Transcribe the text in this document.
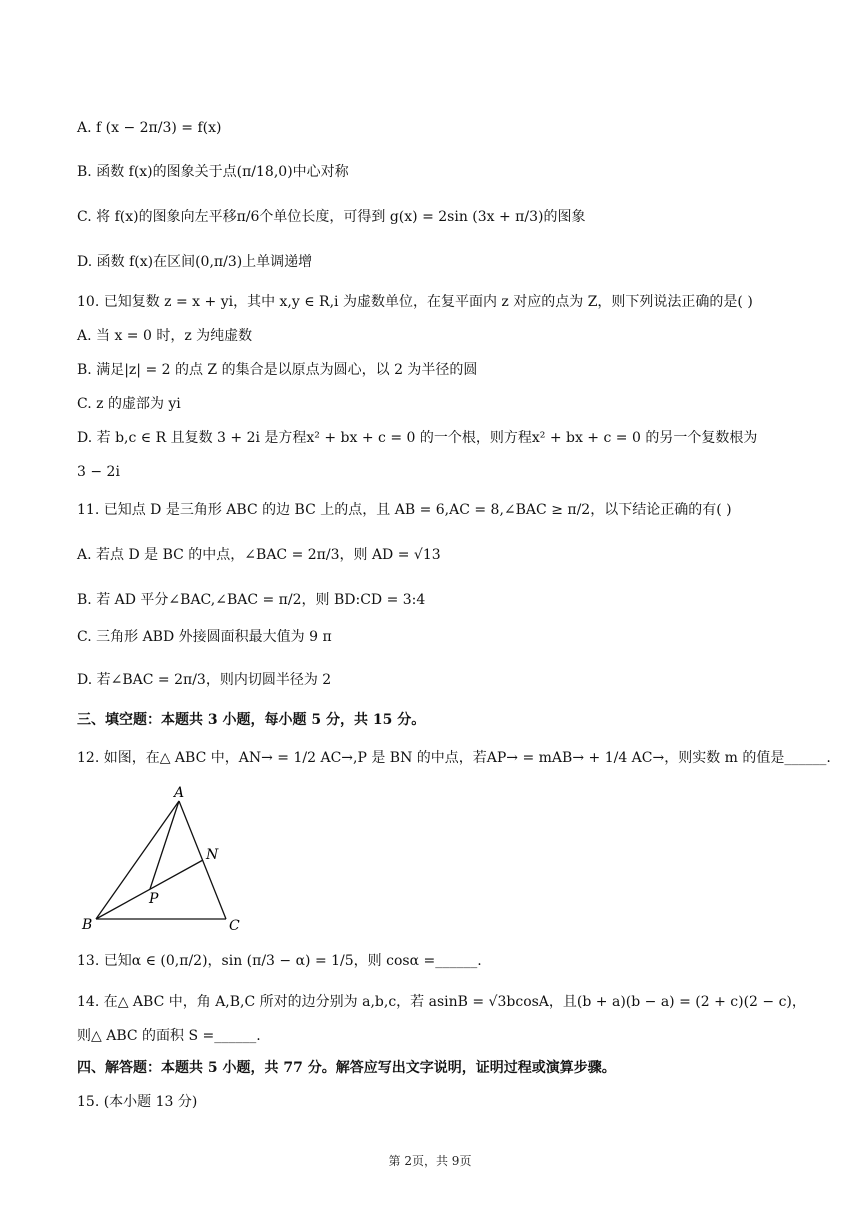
A. f (x − 2π/3) = f(x)
B. 函数 f(x)的图象关于点(π/18,0)中心对称
C. 将 f(x)的图象向左平移π/6个单位长度，可得到 g(x) = 2sin (3x + π/3)的图象
D. 函数 f(x)在区间(0,π/3)上单调递增
10. 已知复数 z = x + yi，其中 x,y ∈ R,i 为虚数单位，在复平面内 z 对应的点为 Z，则下列说法正确的是( )
A. 当 x = 0 时，z 为纯虚数
B. 满足|z| = 2 的点 Z 的集合是以原点为圆心，以 2 为半径的圆
C. z 的虚部为 yi
D. 若 b,c ∈ R 且复数 3 + 2i 是方程x² + bx + c = 0 的一个根，则方程x² + bx + c = 0 的另一个复数根为
3 − 2i
11. 已知点 D 是三角形 ABC 的边 BC 上的点，且 AB = 6,AC = 8,∠BAC ≥ π/2，以下结论正确的有( )
A. 若点 D 是 BC 的中点，∠BAC = 2π/3，则 AD = √13
B. 若 AD 平分∠BAC,∠BAC = π/2，则 BD:CD = 3:4
C. 三角形 ABD 外接圆面积最大值为 9 π
D. 若∠BAC = 2π/3，则内切圆半径为 2
三、填空题：本题共 3 小题，每小题 5 分，共 15 分。
12. 如图，在△ ABC 中，AN→ = 1/2 AC→,P 是 BN 的中点，若AP→ = mAB→ + 1/4 AC→，则实数 m 的值是______.
A
B	C
N
P
13. 已知α ∈ (0,π/2)，sin (π/3 − α) = 1/5，则 cosα =______.
14. 在△ ABC 中，角 A,B,C 所对的边分别为 a,b,c，若 asinB = √3bcosA，且(b + a)(b − a) = (2 + c)(2 − c)，
则△ ABC 的面积 S =______.
四、解答题：本题共 5 小题，共 77 分。解答应写出文字说明，证明过程或演算步骤。
15. (本小题 13 分)
第 2页，共 9页
